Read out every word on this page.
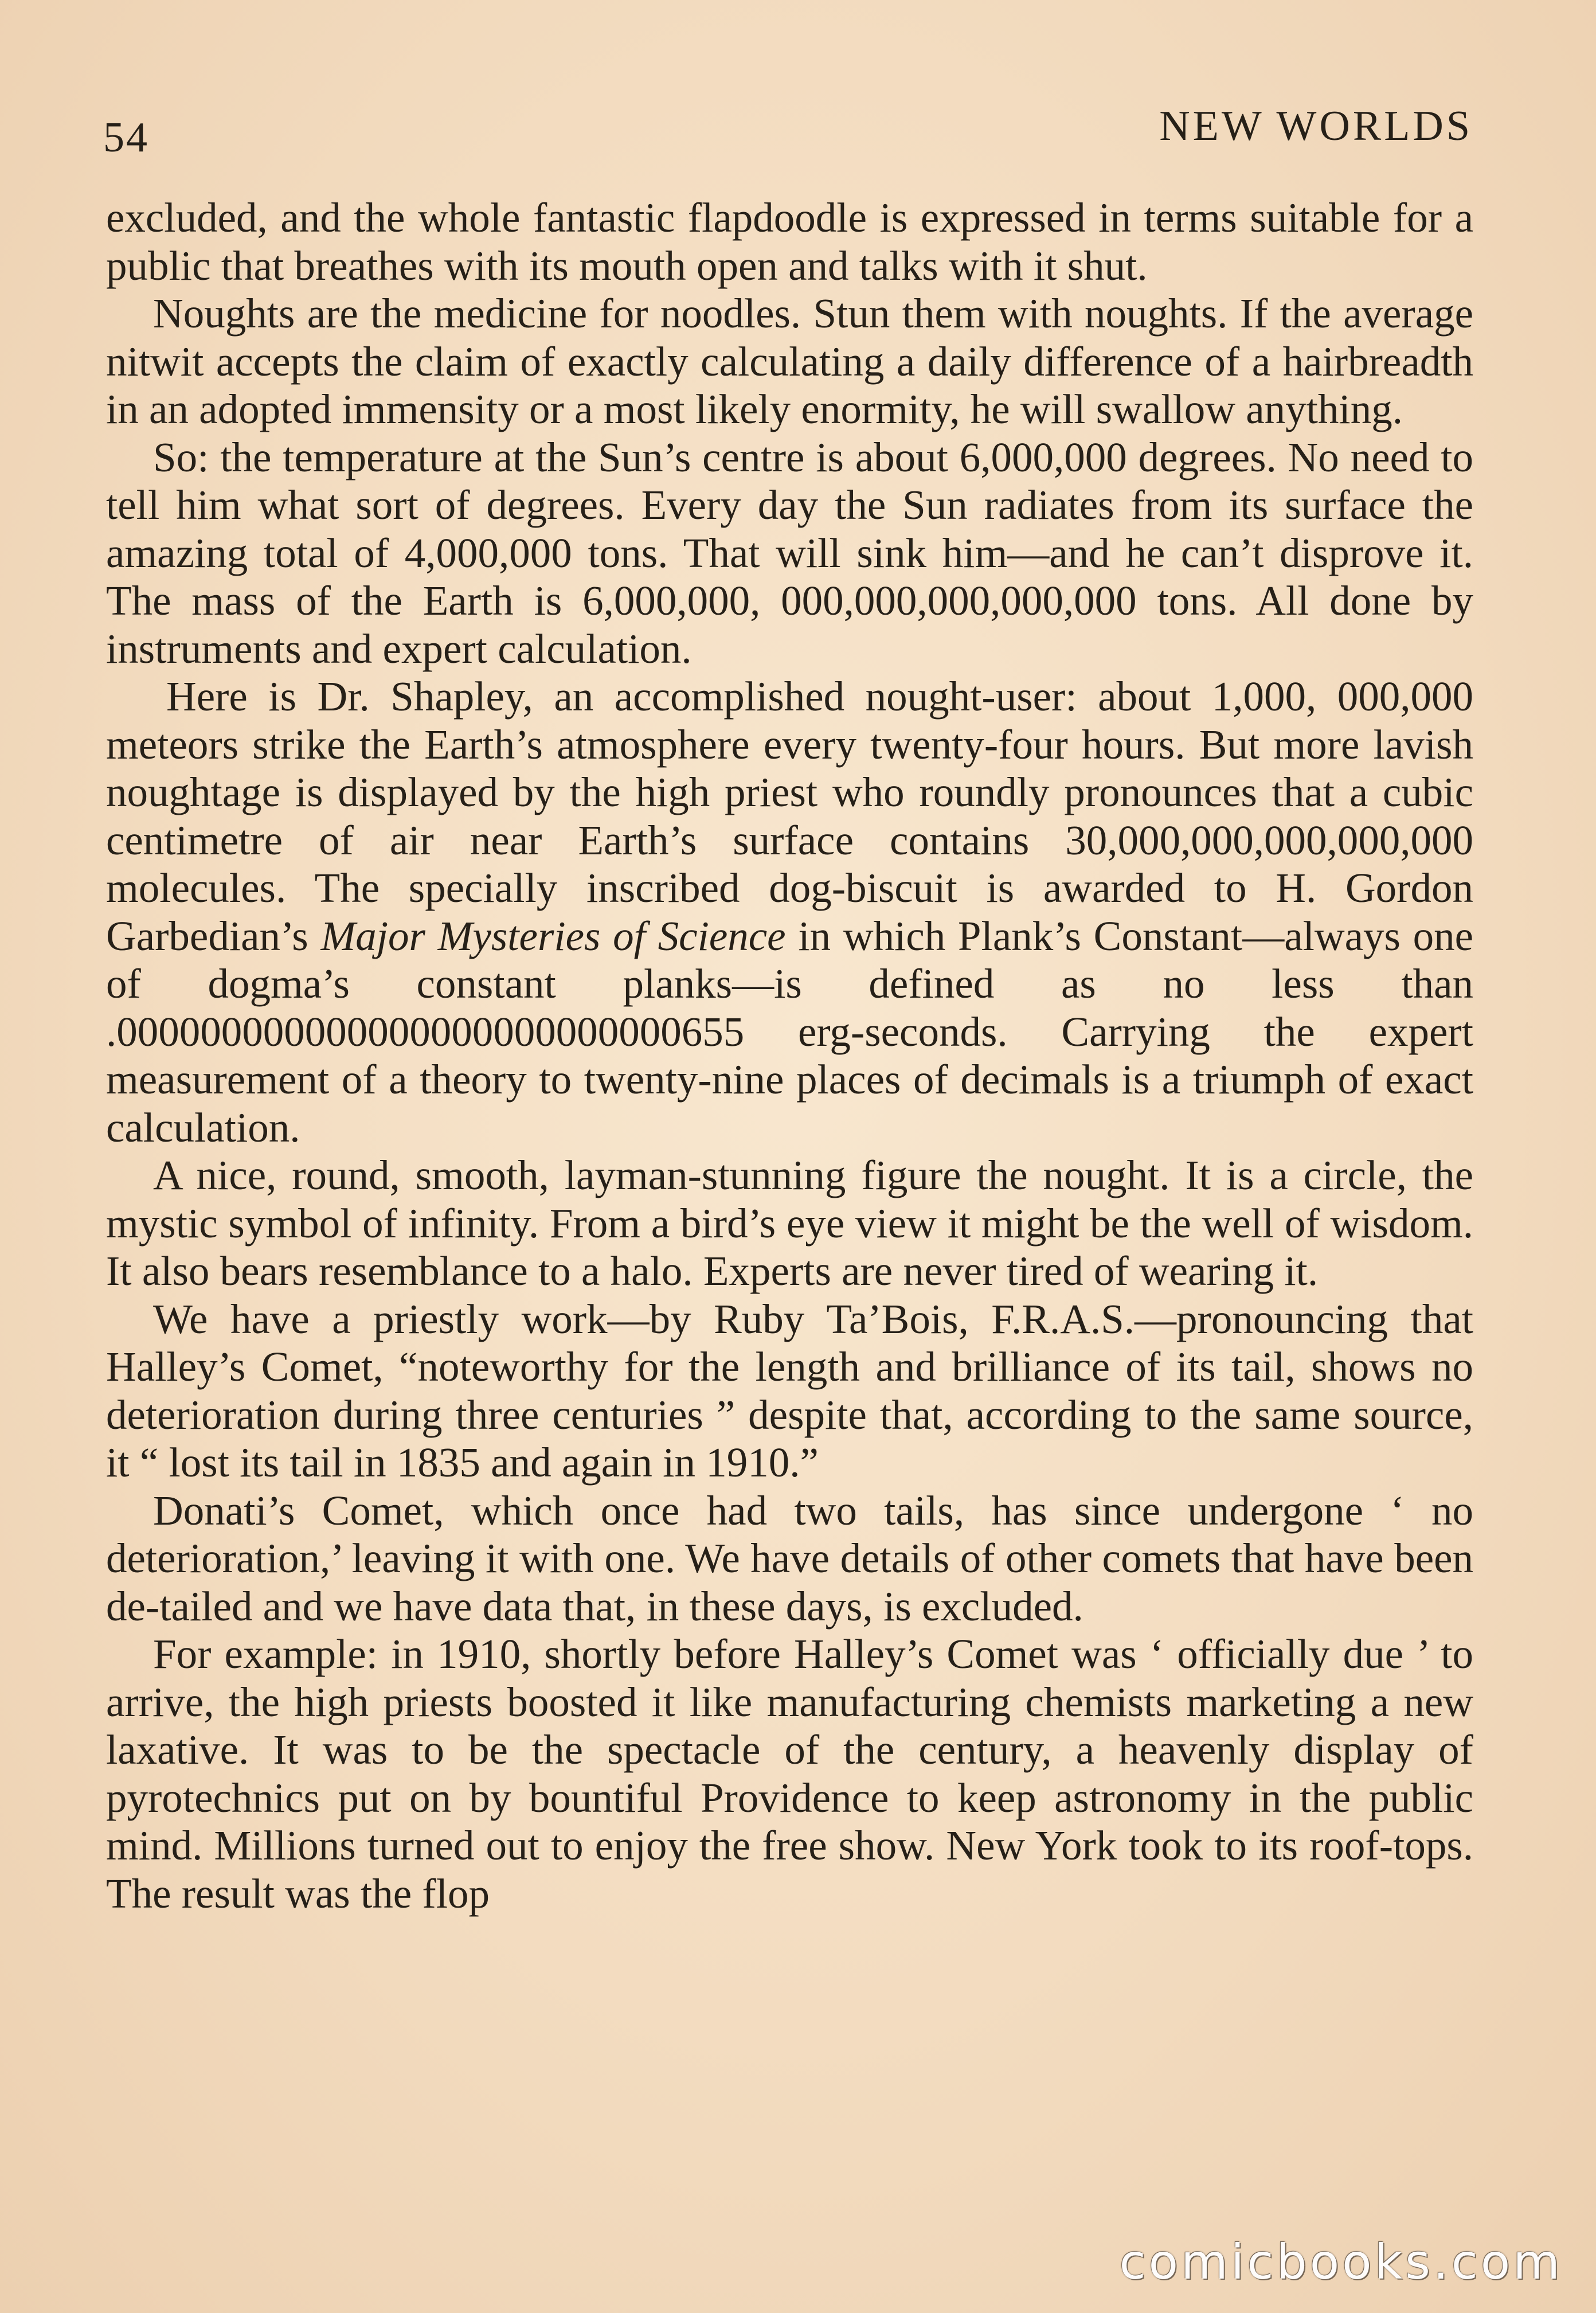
54	NEW WORLDS

excluded, and the whole fantastic flapdoodle is expressed in terms suitable for a public that breathes with its mouth open and talks with it shut.

Noughts are the medicine for noodles. Stun them with noughts. If the average nitwit accepts the claim of exactly calculating a daily difference of a hairbreadth in an adopted immensity or a most likely enormity, he will swallow anything.

So: the temperature at the Sun’s centre is about 6,000,000 degrees. No need to tell him what sort of degrees. Every day the Sun radiates from its surface the amazing total of 4,000,000 tons. That will sink him—and he can’t disprove it. The mass of the Earth is 6,000,000, 000,000,000,000,000 tons. All done by instruments and expert calculation.

Here is Dr. Shapley, an accomplished nought-user: about 1,000, 000,000 meteors strike the Earth’s atmosphere every twenty-four hours. But more lavish noughtage is displayed by the high priest who roundly pronounces that a cubic centimetre of air near Earth’s surface contains 30,000,000,000,000,000 molecules. The specially inscribed dog-biscuit is awarded to H. Gordon Garbedian’s Major Mysteries of Science in which Plank’s Constant—always one of dogma’s constant planks—is defined as no less than .000000000000000000000000000655 erg-seconds. Carrying the expert measurement of a theory to twenty-nine places of decimals is a triumph of exact calculation.

A nice, round, smooth, layman-stunning figure the nought. It is a circle, the mystic symbol of infinity. From a bird’s eye view it might be the well of wisdom. It also bears resemblance to a halo. Experts are never tired of wearing it.

We have a priestly work—by Ruby Ta’Bois, F.R.A.S.—pronouncing that Halley’s Comet, “noteworthy for the length and brilliance of its tail, shows no deterioration during three centuries ” despite that, according to the same source, it “ lost its tail in 1835 and again in 1910.”

Donati’s Comet, which once had two tails, has since undergone ‘ no deterioration,’ leaving it with one. We have details of other comets that have been de-tailed and we have data that, in these days, is excluded.

For example: in 1910, shortly before Halley’s Comet was ‘ officially due ’ to arrive, the high priests boosted it like manufacturing chemists marketing a new laxative. It was to be the spectacle of the century, a heavenly display of pyrotechnics put on by bountiful Providence to keep astronomy in the public mind. Millions turned out to enjoy the free show. New York took to its roof-tops. The result was the flop

comicbooks.com
